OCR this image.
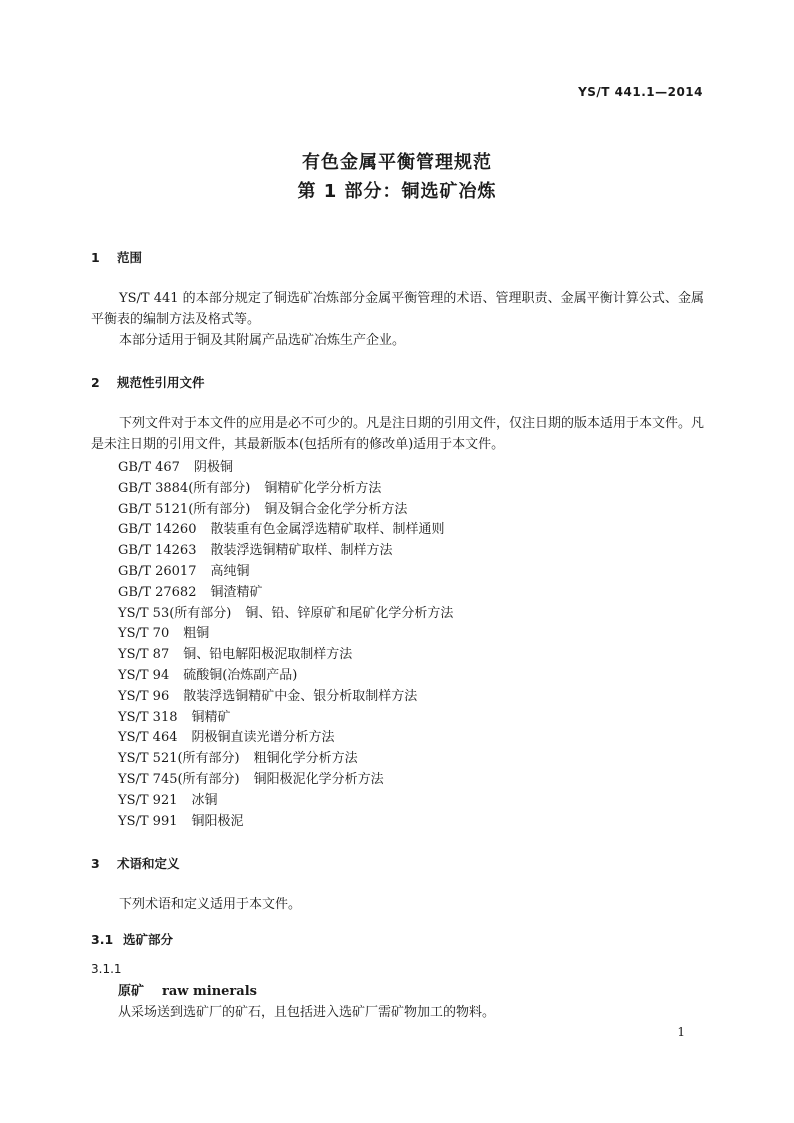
YS/T 441.1—2014
有色金属平衡管理规范
第 1 部分：铜选矿冶炼
1 范围
YS/T 441 的本部分规定了铜选矿冶炼部分金属平衡管理的术语、管理职责、金属平衡计算公式、金属平衡表的编制方法及格式等。
本部分适用于铜及其附属产品选矿冶炼生产企业。
2 规范性引用文件
下列文件对于本文件的应用是必不可少的。凡是注日期的引用文件，仅注日期的版本适用于本文件。凡是未注日期的引用文件，其最新版本(包括所有的修改单)适用于本文件。
GB/T 467 阴极铜
GB/T 3884(所有部分) 铜精矿化学分析方法
GB/T 5121(所有部分) 铜及铜合金化学分析方法
GB/T 14260 散装重有色金属浮选精矿取样、制样通则
GB/T 14263 散装浮选铜精矿取样、制样方法
GB/T 26017 高纯铜
GB/T 27682 铜渣精矿
YS/T 53(所有部分) 铜、铅、锌原矿和尾矿化学分析方法
YS/T 70 粗铜
YS/T 87 铜、铅电解阳极泥取制样方法
YS/T 94 硫酸铜(冶炼副产品)
YS/T 96 散装浮选铜精矿中金、银分析取制样方法
YS/T 318 铜精矿
YS/T 464 阴极铜直读光谱分析方法
YS/T 521(所有部分) 粗铜化学分析方法
YS/T 745(所有部分) 铜阳极泥化学分析方法
YS/T 921 冰铜
YS/T 991 铜阳极泥
3 术语和定义
下列术语和定义适用于本文件。
3.1 选矿部分
3.1.1
原矿 raw minerals
从采场送到选矿厂的矿石，且包括进入选矿厂需矿物加工的物料。
1
